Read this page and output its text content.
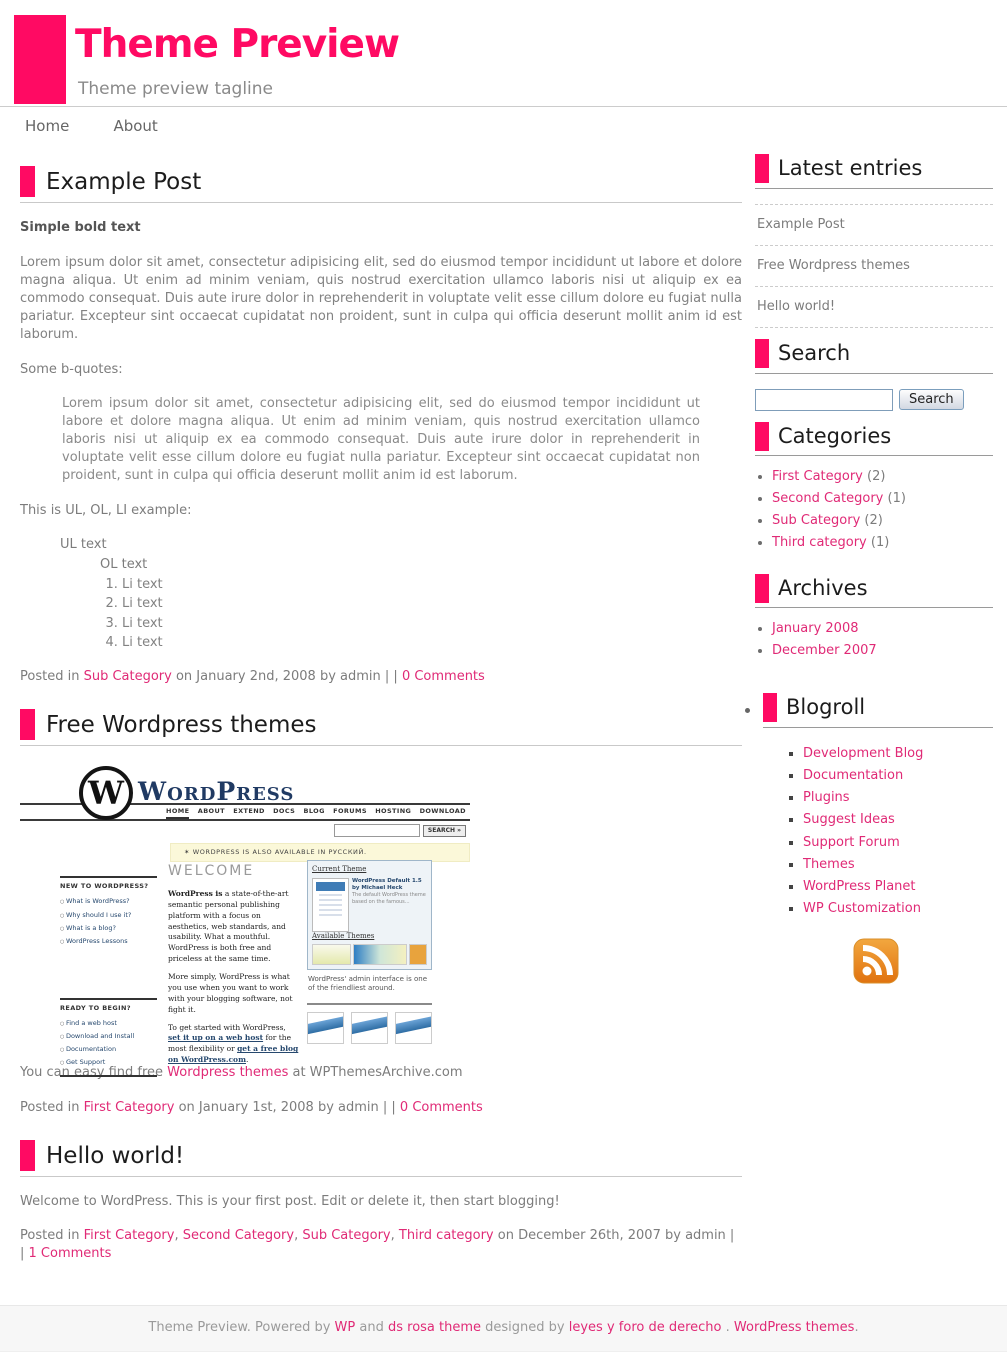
Theme Preview
Theme preview tagline
Home	About
Example Post

Simple bold text

Lorem ipsum dolor sit amet, consectetur adipisicing elit, sed do eiusmod tempor incididunt ut labore et dolore magna aliqua. Ut enim ad minim veniam, quis nostrud exercitation ullamco laboris nisi ut aliquip ex ea commodo consequat. Duis aute irure dolor in reprehenderit in voluptate velit esse cillum dolore eu fugiat nulla pariatur. Excepteur sint occaecat cupidatat non proident, sunt in culpa qui officia deserunt mollit anim id est laborum.

Some b-quotes:

Lorem ipsum dolor sit amet, consectetur adipisicing elit, sed do eiusmod tempor incididunt ut labore et dolore magna aliqua. Ut enim ad minim veniam, quis nostrud exercitation ullamco laboris nisi ut aliquip ex ea commodo consequat. Duis aute irure dolor in reprehenderit in voluptate velit esse cillum dolore eu fugiat nulla pariatur. Excepteur sint occaecat cupidatat non proident, sunt in culpa qui officia deserunt mollit anim id est laborum.

This is UL, OL, LI example:

UL text
OL text
1. Li text
2. Li text
3. Li text
4. Li text

Posted in Sub Category on January 2nd, 2008 by admin | | 0 Comments

Free Wordpress themes
W WordPress
HOME ABOUT EXTEND DOCS BLOG FORUMS HOSTING DOWNLOAD
SEARCH »
✶ WORDPRESS IS ALSO AVAILABLE IN РУССКИЙ.
NEW TO WORDPRESS?
○ What is WordPress?
○ Why should I use it?
○ What is a blog?
○ WordPress Lessons
READY TO BEGIN?
○ Find a web host
○ Download and Install
○ Documentation
○ Get Support
WELCOME

WordPress is a state-of-the-art semantic personal publishing platform with a focus on aesthetics, web standards, and usability. What a mouthful. WordPress is both free and priceless at the same time.

More simply, WordPress is what you use when you want to work with your blogging software, not fight it.

To get started with WordPress, set it up on a web host for the most flexibility or get a free blog on WordPress.com.

Current Theme
WordPress Default 1.5 by Michael Heck
The default WordPress theme based on the famous...
Available Themes
WordPress' admin interface is one of the friendliest around.

You can easy find free Wordpress themes at WPThemesArchive.com

Posted in First Category on January 1st, 2008 by admin | | 0 Comments

Hello world!

Welcome to WordPress. This is your first post. Edit or delete it, then start blogging!

Posted in First Category, Second Category, Sub Category, Third category on December 26th, 2007 by admin | | 1 Comments

Latest entries
Example Post
Free Wordpress themes
Hello world!
Search
Search
Categories
• First Category (2)
• Second Category (1)
• Sub Category (2)
• Third category (1)
Archives
• January 2008
• December 2007
Blogroll
▪ Development Blog
▪ Documentation
▪ Plugins
▪ Suggest Ideas
▪ Support Forum
▪ Themes
▪ WordPress Planet
▪ WP Customization
Theme Preview. Powered by WP and ds rosa theme designed by leyes y foro de derecho . WordPress themes.
